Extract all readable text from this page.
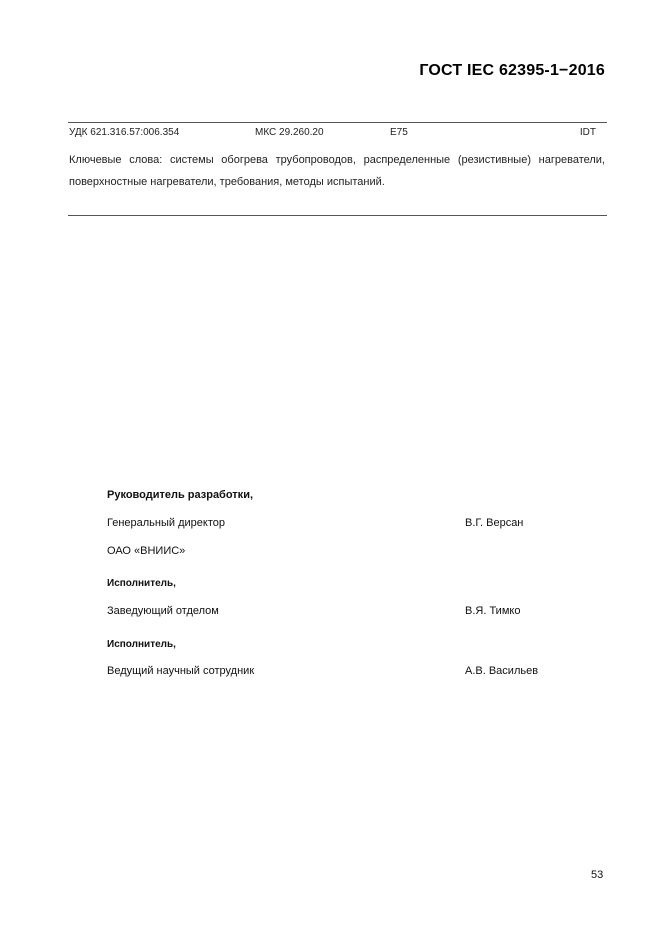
ГОСТ IEC 62395-1−2016
УДК 621.316.57:006.354	МКС 29.260.20	Е75	IDT
Ключевые слова: системы обогрева трубопроводов, распределенные (резистивные) нагреватели, поверхностные нагреватели, требования, методы испытаний.
Руководитель разработки,
Генеральный директор	В.Г. Версан
ОАО «ВНИИС»
Исполнитель,
Заведующий отделом	В.Я. Тимко
Исполнитель,
Ведущий научный сотрудник	А.В. Васильев
53
